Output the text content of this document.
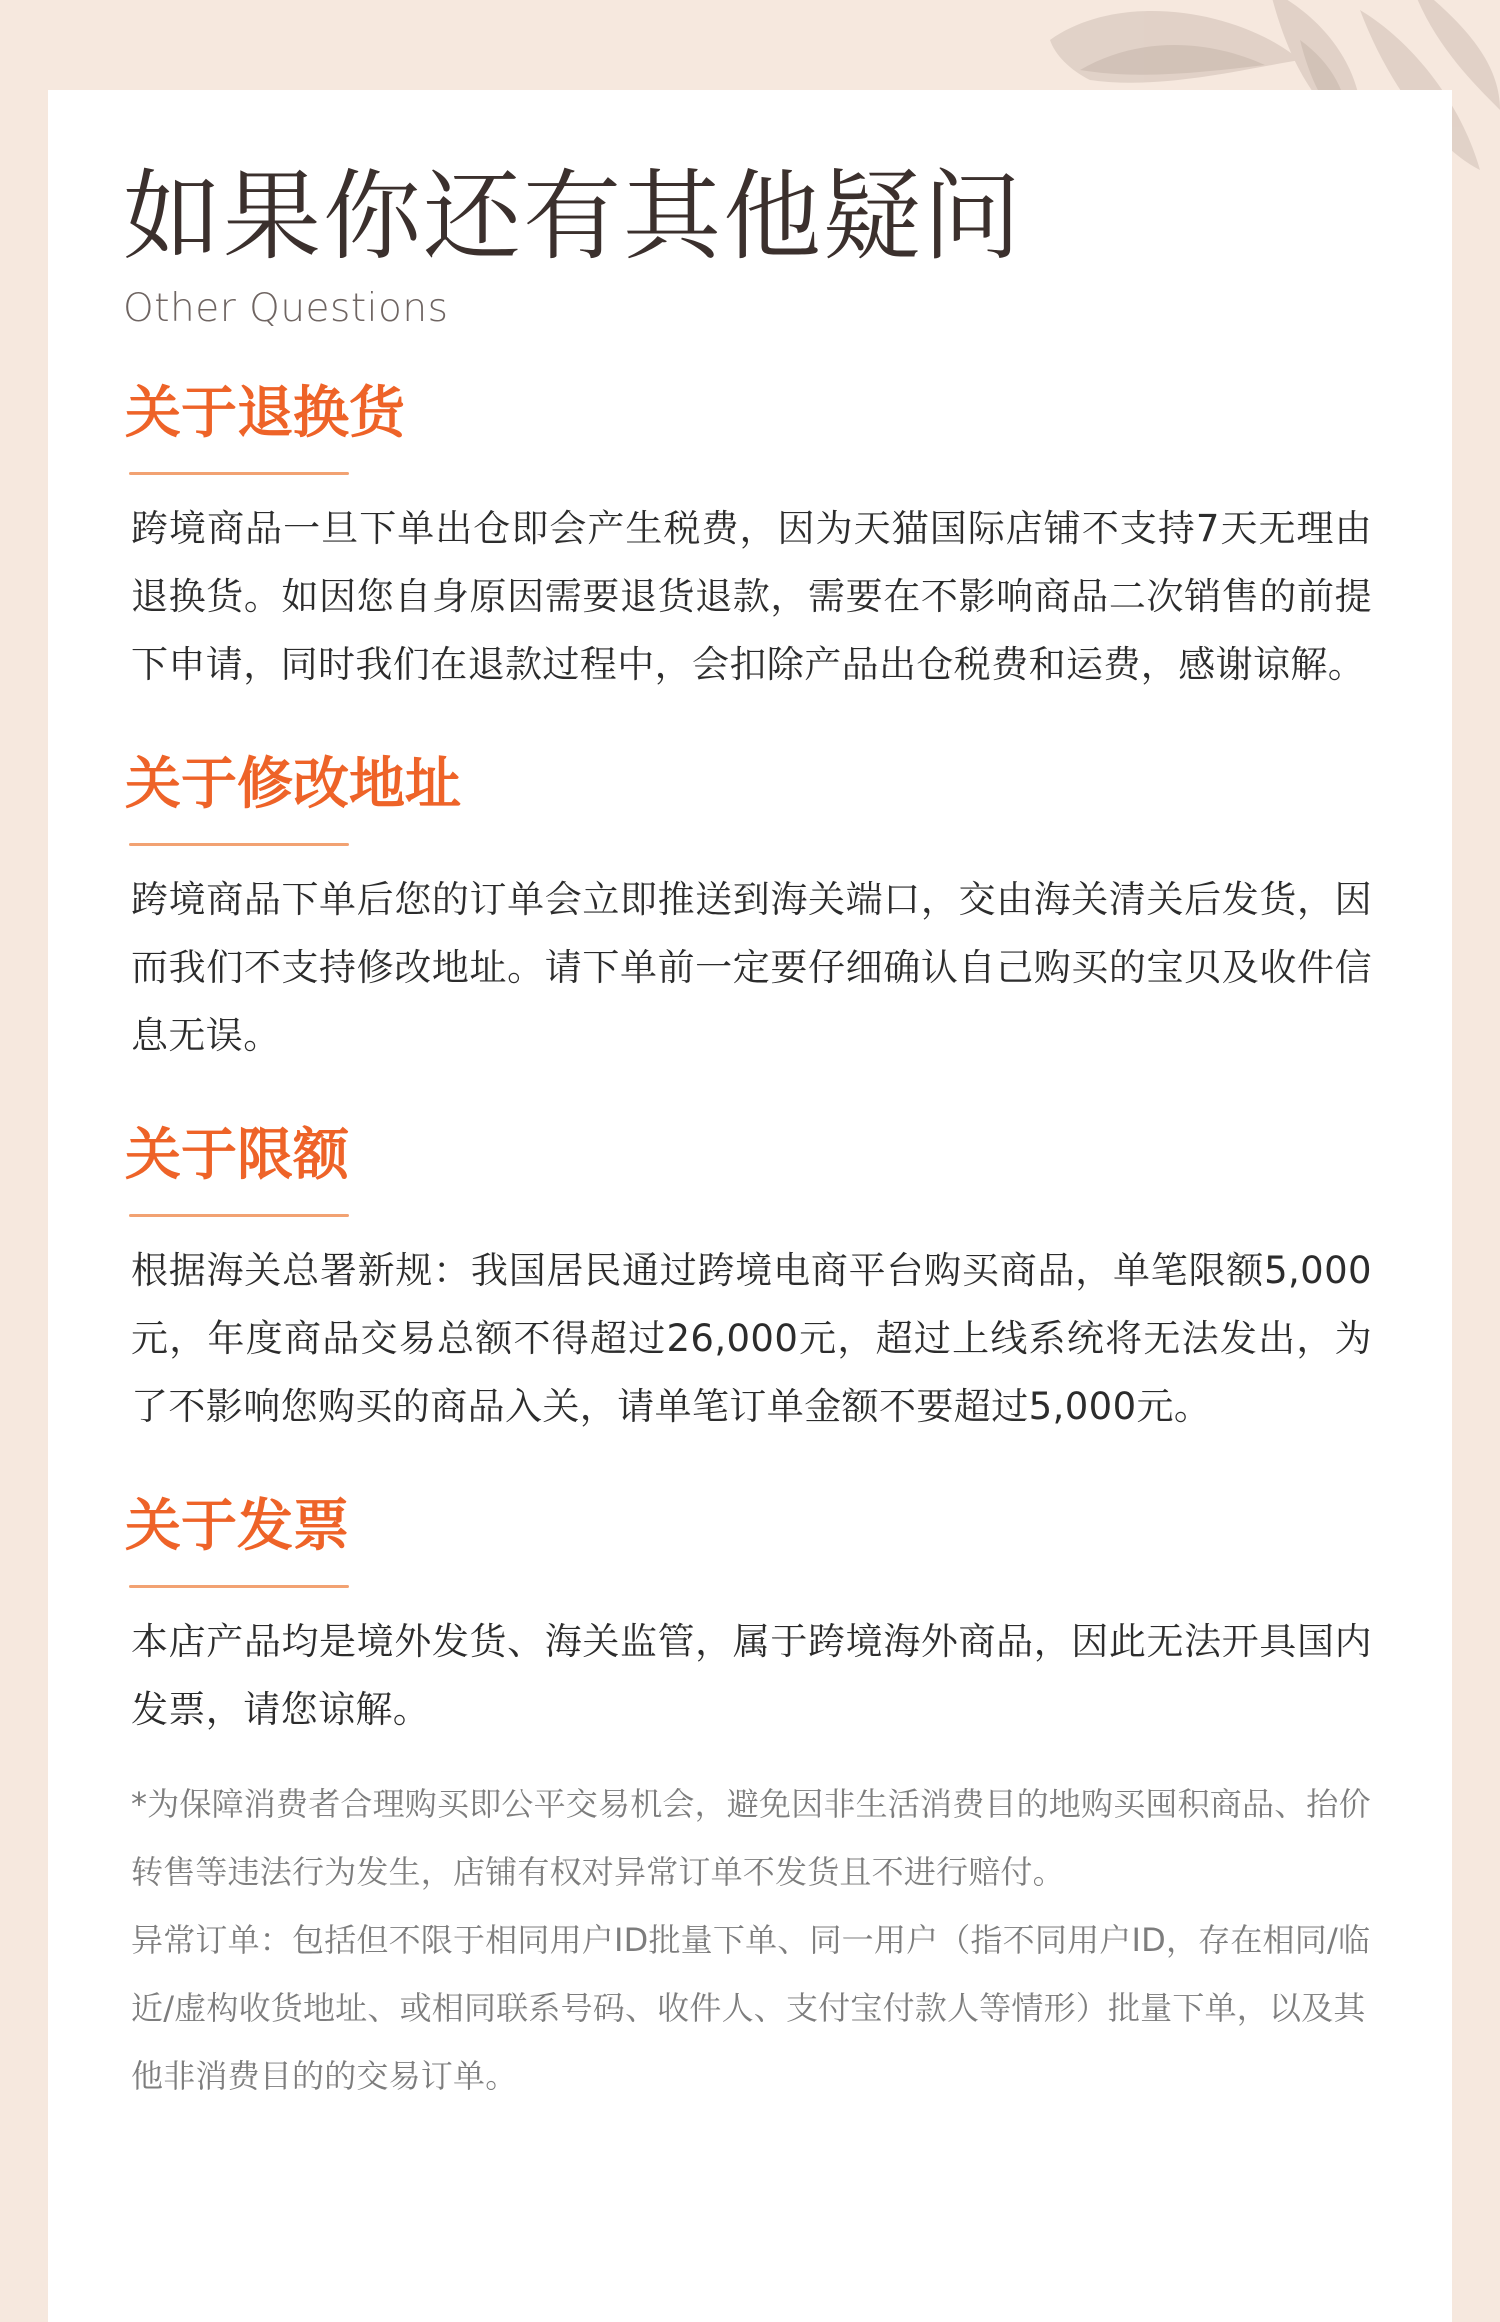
如果你还有其他疑问
Other Questions
关于退换货

跨境商品一旦下单出仓即会产生税费，因为天猫国际店铺不支持7天无理由退换货。如因您自身原因需要退货退款，需要在不影响商品二次销售的前提下申请，同时我们在退款过程中，会扣除产品出仓税费和运费，感谢谅解。

关于修改地址

跨境商品下单后您的订单会立即推送到海关端口，交由海关清关后发货，因而我们不支持修改地址。请下单前一定要仔细确认自己购买的宝贝及收件信息无误。

关于限额

根据海关总署新规：我国居民通过跨境电商平台购买商品，单笔限额5,000元，年度商品交易总额不得超过26,000元，超过上线系统将无法发出，为了不影响您购买的商品入关，请单笔订单金额不要超过5,000元。

关于发票

本店产品均是境外发货、海关监管，属于跨境海外商品，因此无法开具国内发票，请您谅解。

*为保障消费者合理购买即公平交易机会，避免因非生活消费目的地购买囤积商品、抬价转售等违法行为发生，店铺有权对异常订单不发货且不进行赔付。

异常订单：包括但不限于相同用户ID批量下单、同一用户（指不同用户ID，存在相同/临近/虚构收货地址、或相同联系号码、收件人、支付宝付款人等情形）批量下单，以及其他非消费目的的交易订单。
